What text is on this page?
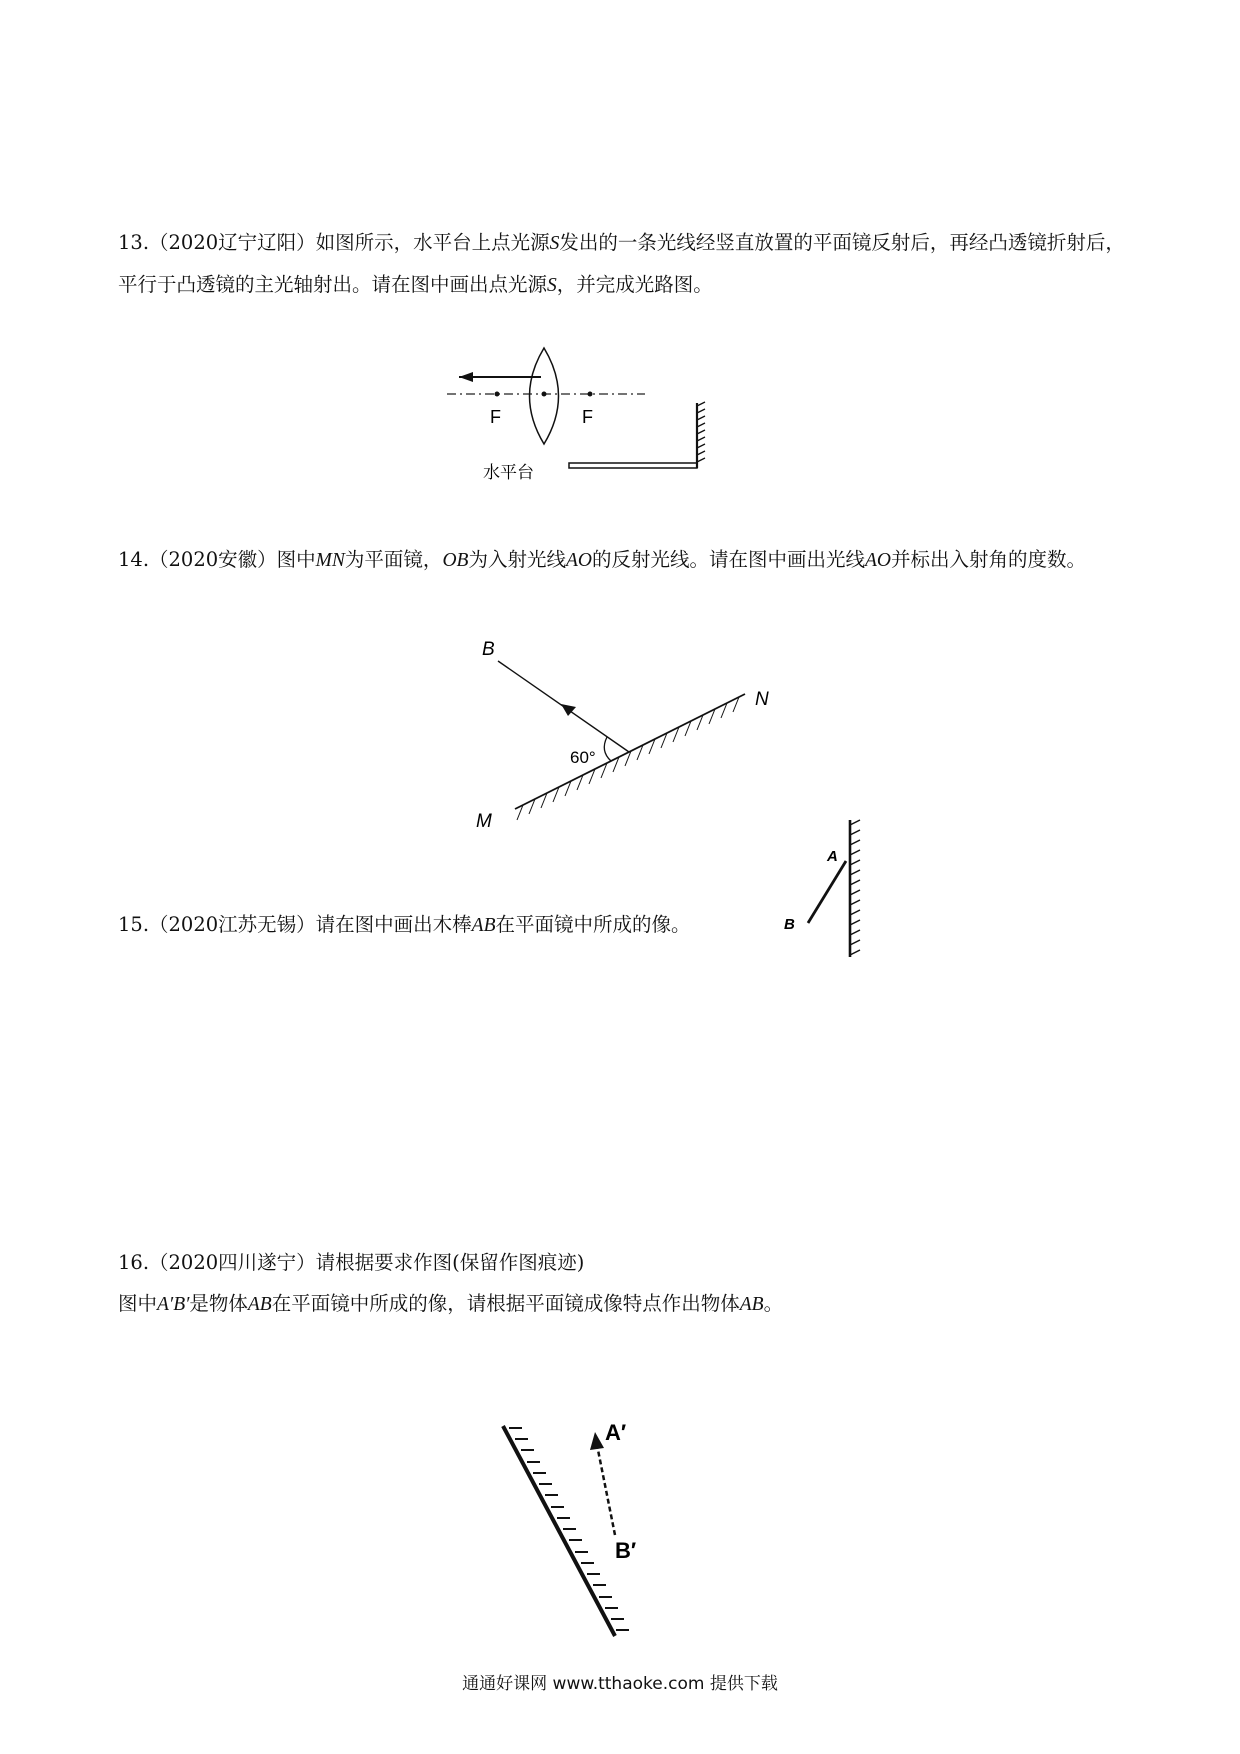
13.（2020辽宁辽阳）如图所示，水平台上点光源S发出的一条光线经竖直放置的平面镜反射后，再经凸透镜折射后，平行于凸透镜的主光轴射出。请在图中画出点光源S，并完成光路图。
F	F
水平台
14.（2020安徽）图中MN为平面镜，OB为入射光线AO的反射光线。请在图中画出光线AO并标出入射角的度数。
60°
B
N
M
15.（2020江苏无锡）请在图中画出木棒AB在平面镜中所成的像。
A
B
16.（2020四川遂宁）请根据要求作图(保留作图痕迹)
图中A′B′是物体AB在平面镜中所成的像，请根据平面镜成像特点作出物体AB。
A′
B′
通通好课网 www.tthaoke.com 提供下载
